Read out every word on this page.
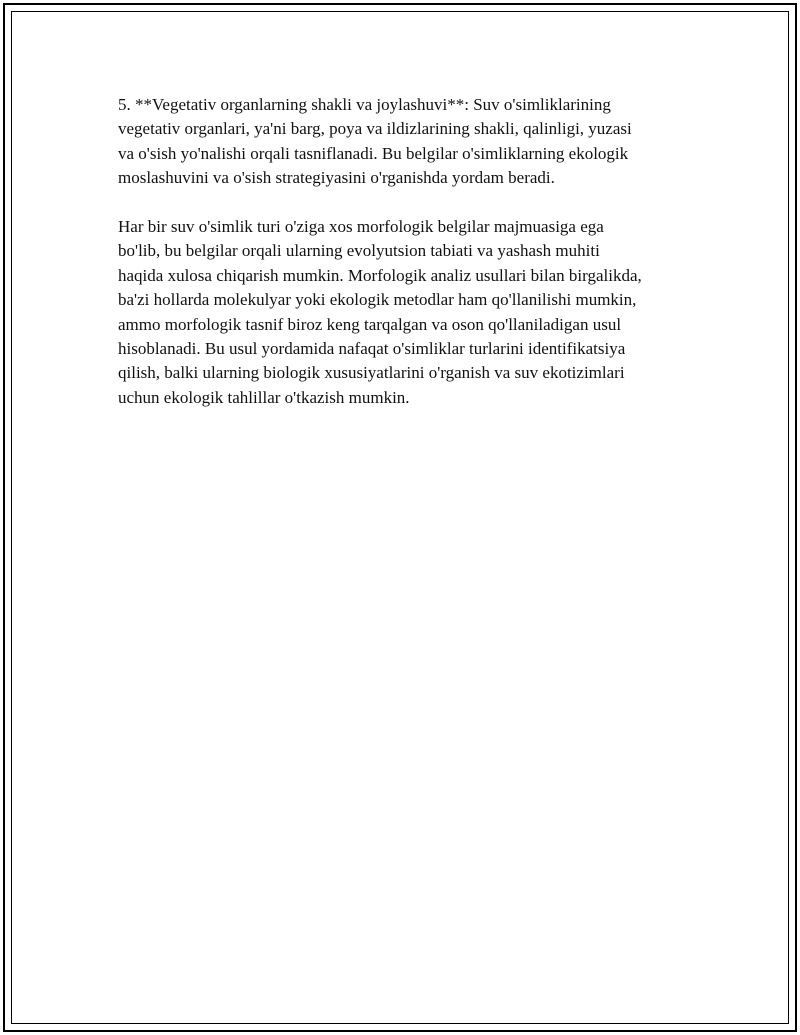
5. **Vegetativ organlarning shakli va joylashuvi**: Suv o'simliklarining
vegetativ organlari, ya'ni barg, poya va ildizlarining shakli, qalinligi, yuzasi
va o'sish yo'nalishi orqali tasniflanadi. Bu belgilar o'simliklarning ekologik
moslashuvini va o'sish strategiyasini o'rganishda yordam beradi.

Har bir suv o'simlik turi o'ziga xos morfologik belgilar majmuasiga ega
bo'lib, bu belgilar orqali ularning evolyutsion tabiati va yashash muhiti
haqida xulosa chiqarish mumkin. Morfologik analiz usullari bilan birgalikda,
ba'zi hollarda molekulyar yoki ekologik metodlar ham qo'llanilishi mumkin,
ammo morfologik tasnif biroz keng tarqalgan va oson qo'llaniladigan usul
hisoblanadi. Bu usul yordamida nafaqat o'simliklar turlarini identifikatsiya
qilish, balki ularning biologik xususiyatlarini o'rganish va suv ekotizimlari
uchun ekologik tahlillar o'tkazish mumkin.
